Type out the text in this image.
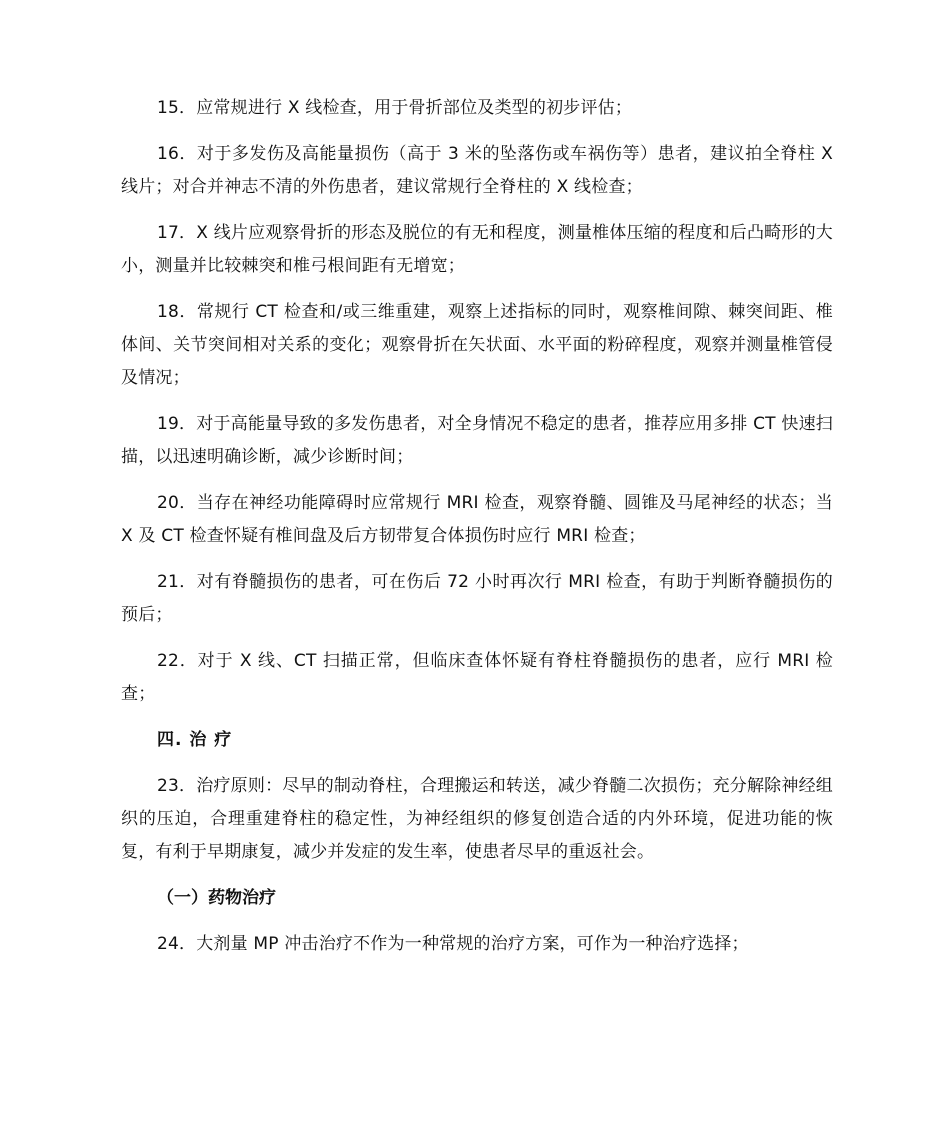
15．应常规进行 X 线检查，用于骨折部位及类型的初步评估；

16．对于多发伤及高能量损伤（高于 3 米的坠落伤或车祸伤等）患者，建议拍全脊柱 X 线片；对合并神志不清的外伤患者，建议常规行全脊柱的 X 线检查；

17．X 线片应观察骨折的形态及脱位的有无和程度，测量椎体压缩的程度和后凸畸形的大小，测量并比较棘突和椎弓根间距有无增宽；

18．常规行 CT 检查和/或三维重建，观察上述指标的同时，观察椎间隙、棘突间距、椎体间、关节突间相对关系的变化；观察骨折在矢状面、水平面的粉碎程度，观察并测量椎管侵及情况；

19．对于高能量导致的多发伤患者，对全身情况不稳定的患者，推荐应用多排 CT 快速扫描，以迅速明确诊断，减少诊断时间；

20．当存在神经功能障碍时应常规行 MRI 检查，观察脊髓、圆锥及马尾神经的状态；当 X 及 CT 检查怀疑有椎间盘及后方韧带复合体损伤时应行 MRI 检查；

21．对有脊髓损伤的患者，可在伤后 72 小时再次行 MRI 检查，有助于判断脊髓损伤的预后；

22．对于 X 线、CT 扫描正常，但临床查体怀疑有脊柱脊髓损伤的患者，应行 MRI 检查；

四. 治 疗

23．治疗原则：尽早的制动脊柱，合理搬运和转送，减少脊髓二次损伤；充分解除神经组织的压迫，合理重建脊柱的稳定性，为神经组织的修复创造合适的内外环境，促进功能的恢复，有利于早期康复，减少并发症的发生率，使患者尽早的重返社会。

（一）药物治疗

24．大剂量 MP 冲击治疗不作为一种常规的治疗方案，可作为一种治疗选择；
